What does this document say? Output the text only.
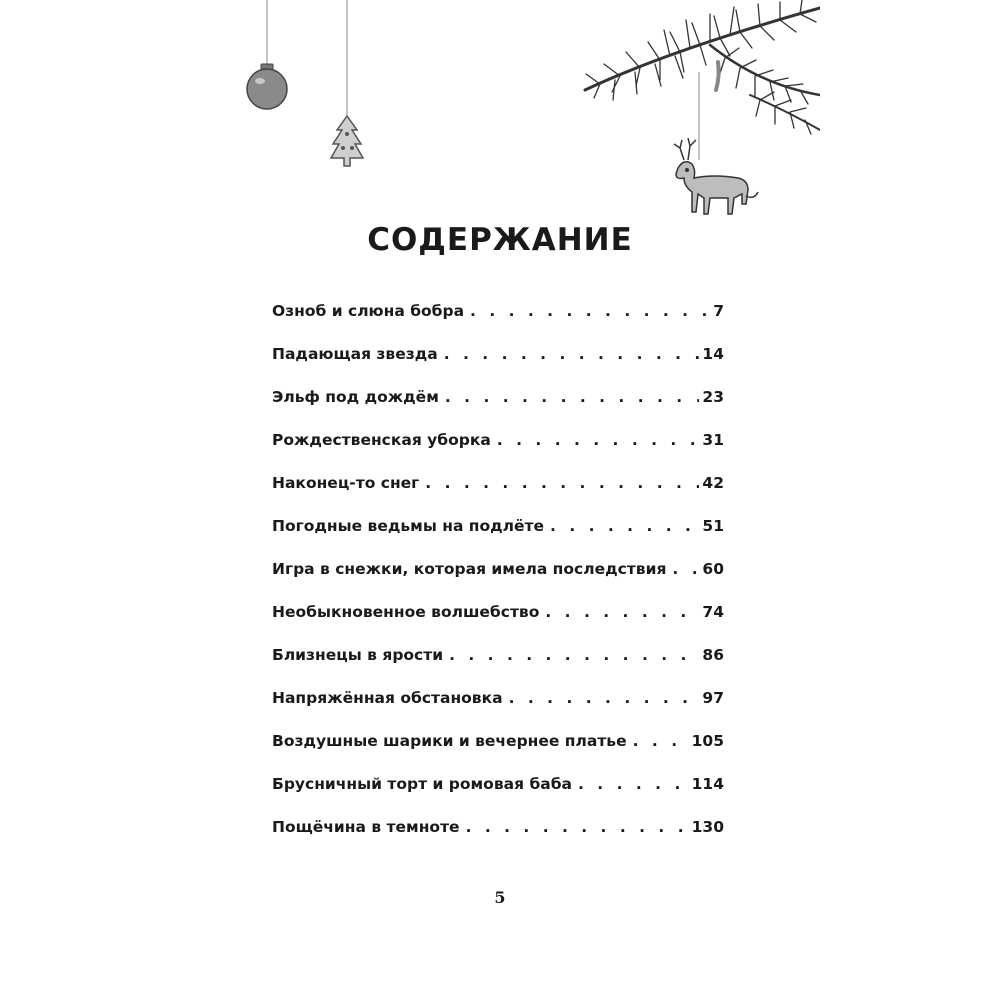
СОДЕРЖАНИЕ
Озноб и слюна бобра . . .	7
Падающая звезда . . .	14
Эльф под дождём . . .	23
Рождественская уборка . . .	31
Наконец-то снег . . .	42
Погодные ведьмы на подлёте . . .	51
Игра в снежки, которая имела последствия . . . 60
Необыкновенное волшебство . . .	74
Близнецы в ярости . . .	86
Напряжённая обстановка . . .	97
Воздушные шарики и вечернее платье . . .	105
Брусничный торт и ромовая баба . . .	114
Пощёчина в темноте . . .	130
5
